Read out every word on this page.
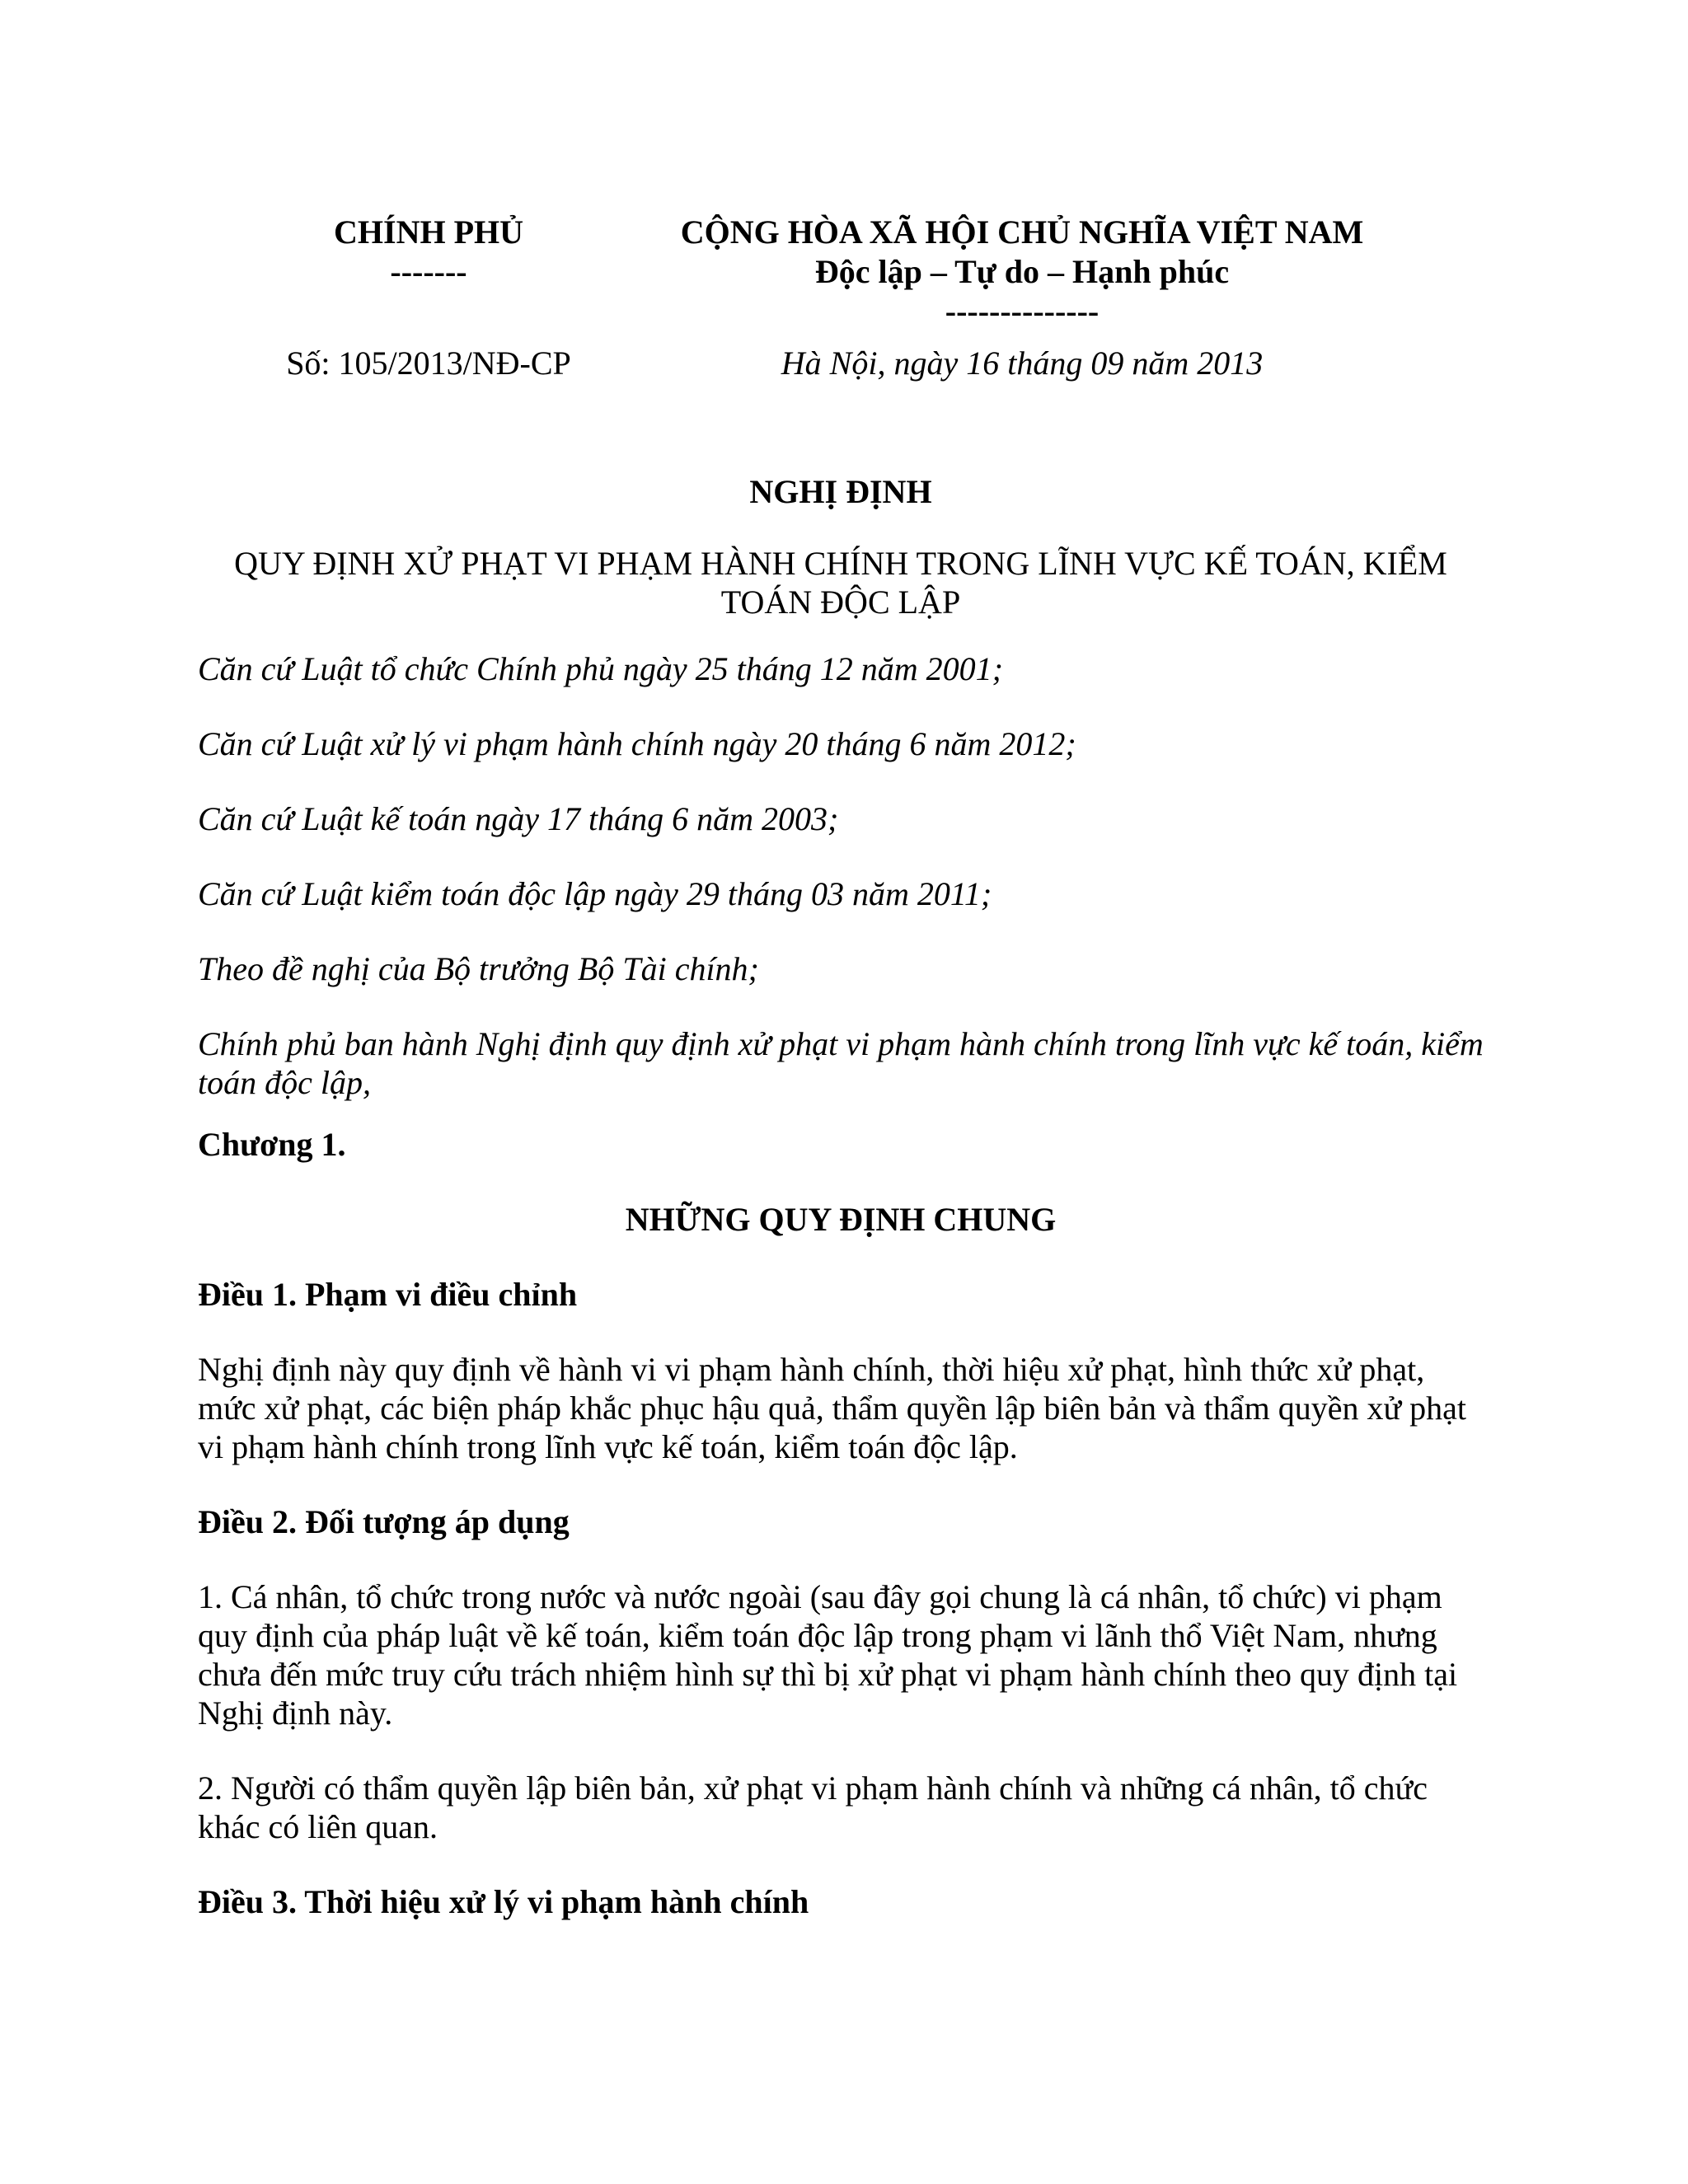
CHÍNH PHỦ
-------
CỘNG HÒA XÃ HỘI CHỦ NGHĨA VIỆT NAM
Độc lập – Tự do – Hạnh phúc
--------------
Số: 105/2013/NĐ-CP	Hà Nội, ngày 16 tháng 09 năm 2013

NGHỊ ĐỊNH

QUY ĐỊNH XỬ PHẠT VI PHẠM HÀNH CHÍNH TRONG LĨNH VỰC KẾ TOÁN, KIỂM TOÁN ĐỘC LẬP

Căn cứ Luật tổ chức Chính phủ ngày 25 tháng 12 năm 2001;

Căn cứ Luật xử lý vi phạm hành chính ngày 20 tháng 6 năm 2012;

Căn cứ Luật kế toán ngày 17 tháng 6 năm 2003;

Căn cứ Luật kiểm toán độc lập ngày 29 tháng 03 năm 2011;

Theo đề nghị của Bộ trưởng Bộ Tài chính;

Chính phủ ban hành Nghị định quy định xử phạt vi phạm hành chính trong lĩnh vực kế toán, kiểm toán độc lập,

Chương 1.

NHỮNG QUY ĐỊNH CHUNG

Điều 1. Phạm vi điều chỉnh

Nghị định này quy định về hành vi vi phạm hành chính, thời hiệu xử phạt, hình thức xử phạt, mức xử phạt, các biện pháp khắc phục hậu quả, thẩm quyền lập biên bản và thẩm quyền xử phạt vi phạm hành chính trong lĩnh vực kế toán, kiểm toán độc lập.

Điều 2. Đối tượng áp dụng

1. Cá nhân, tổ chức trong nước và nước ngoài (sau đây gọi chung là cá nhân, tổ chức) vi phạm quy định của pháp luật về kế toán, kiểm toán độc lập trong phạm vi lãnh thổ Việt Nam, nhưng chưa đến mức truy cứu trách nhiệm hình sự thì bị xử phạt vi phạm hành chính theo quy định tại Nghị định này.

2. Người có thẩm quyền lập biên bản, xử phạt vi phạm hành chính và những cá nhân, tổ chức khác có liên quan.

Điều 3. Thời hiệu xử lý vi phạm hành chính
